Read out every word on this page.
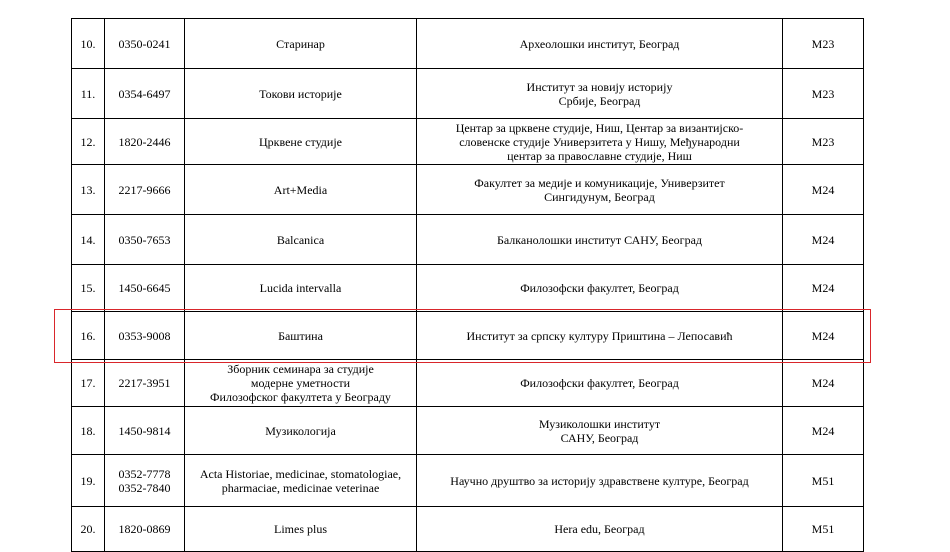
10.	0350-0241	Старинар	Археолошки институт, Београд	M23
11.	0354-6497	Токови историје	Институт за новију историју
Србије, Београд	M23
12.	1820-2446	Црквене студије	Центар за црквене студије, Ниш, Центар за византијско-
словенске студије Универзитета у Нишу, Међународни
центар за православне студије, Ниш	M23
13.	2217-9666	Art+Media	Факултет за медије и комуникације, Универзитет
Сингидунум, Београд	M24
14.	0350-7653	Balcanica	Балканолошки институт САНУ, Београд	M24
15.	1450-6645	Lucida intervalla	Филозофски факултет, Београд	M24
16.	0353-9008	Баштина	Институт за српску културу Приштина – Лепосавић	M24
17.	2217-3951	Зборник семинара за студије
модерне уметности
Филозофског факултета у Београду	Филозофски факултет, Београд	M24
18.	1450-9814	Музикологија	Музиколошки институт
САНУ, Београд	M24
19.	0352-7778
0352-7840	Acta Historiae, medicinae, stomatologiae,
pharmaciae, medicinae veterinae	Научно друштво за историју здравствене културе, Београд	M51
20.	1820-0869	Limes plus	Hera edu, Београд	M51
